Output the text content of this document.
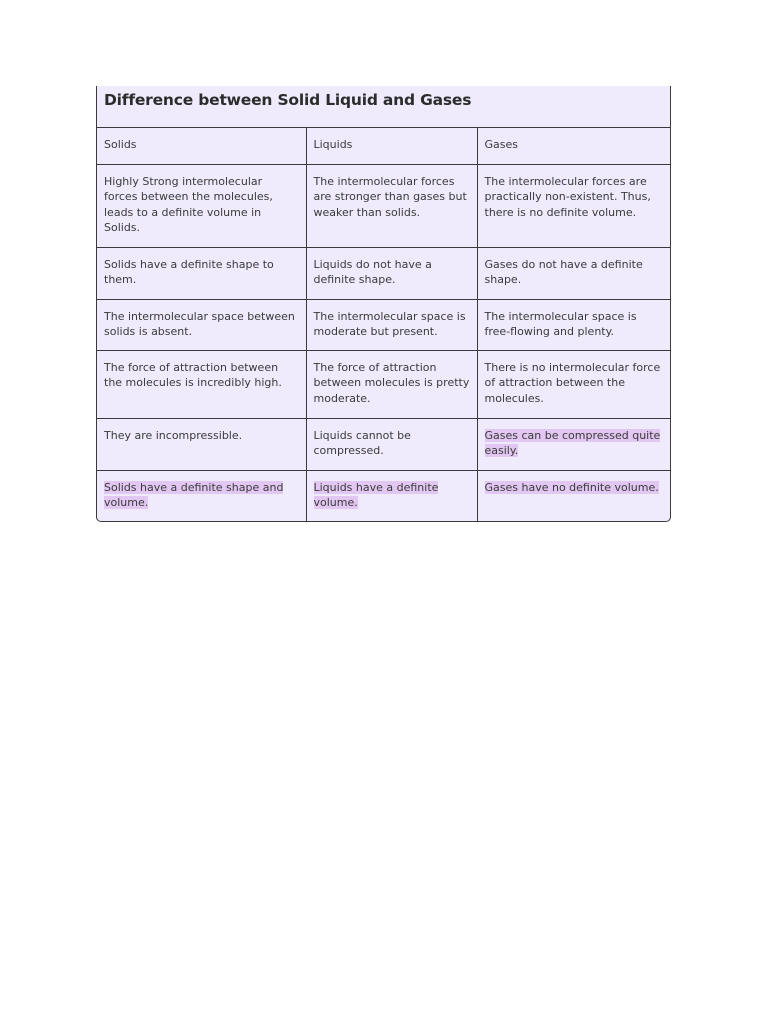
Difference between Solid Liquid and Gases
Solids	Liquids	Gases
Highly Strong intermolecular forces between the molecules, leads to a definite volume in Solids.	The intermolecular forces are stronger than gases but weaker than solids.	The intermolecular forces are practically non-existent. Thus, there is no definite volume.
Solids have a definite shape to them.	Liquids do not have a definite shape.	Gases do not have a definite shape.
The intermolecular space between solids is absent.	The intermolecular space is moderate but present.	The intermolecular space is free-flowing and plenty.
The force of attraction between the molecules is incredibly high.	The force of attraction between molecules is pretty moderate.	There is no intermolecular force of attraction between the molecules.
They are incompressible.	Liquids cannot be compressed.	Gases can be compressed quite easily.
Solids have a definite shape and volume.	Liquids have a definite volume.	Gases have no definite volume.
